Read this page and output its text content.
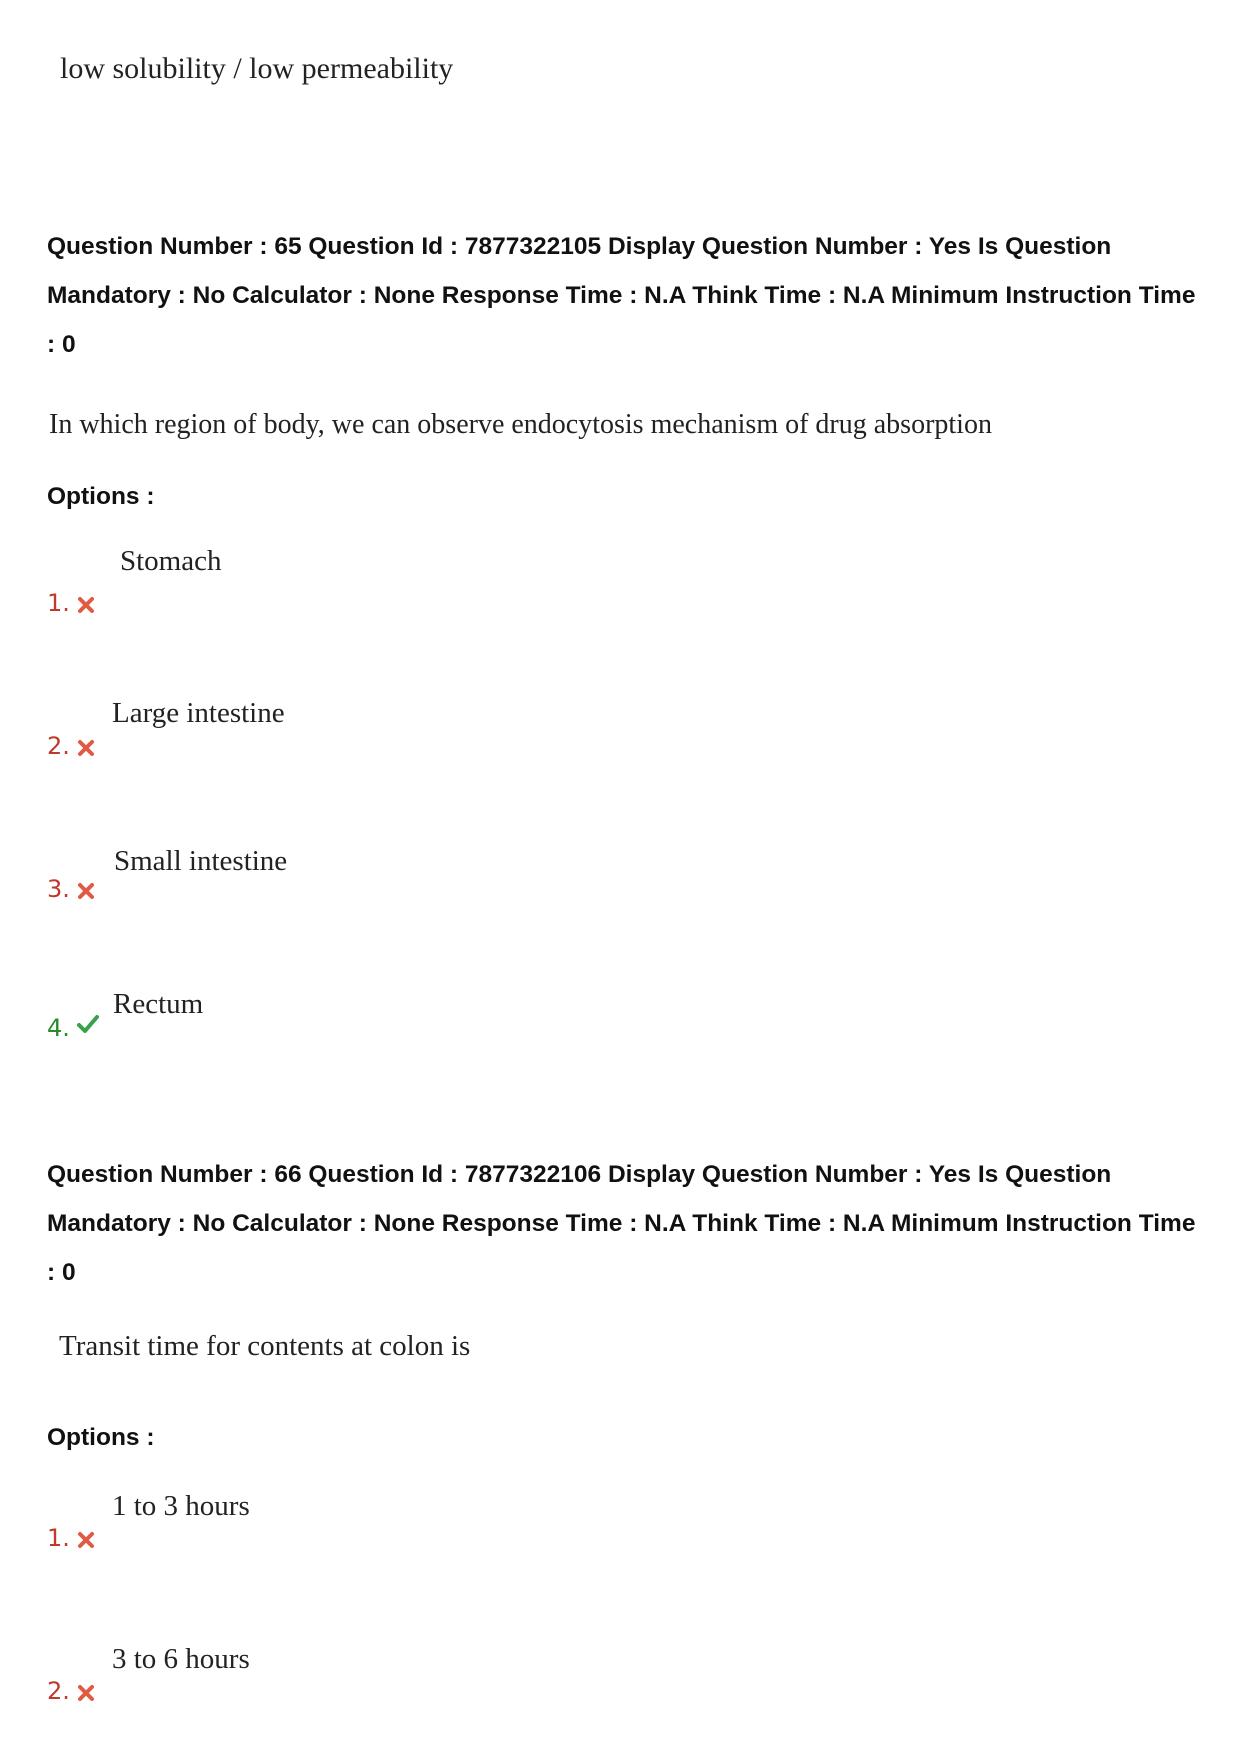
low solubility / low permeability
Question Number : 65 Question Id : 7877322105 Display Question Number : Yes Is Question Mandatory : No Calculator : None Response Time : N.A Think Time : N.A Minimum Instruction Time : 0
In which region of body, we can observe endocytosis mechanism of drug absorption
Options :
1.
Stomach
2.
Large intestine
3.
Small intestine
4.
Rectum
Question Number : 66 Question Id : 7877322106 Display Question Number : Yes Is Question Mandatory : No Calculator : None Response Time : N.A Think Time : N.A Minimum Instruction Time : 0
Transit time for contents at colon is
Options :
1.
1 to 3 hours
2.
3 to 6 hours
